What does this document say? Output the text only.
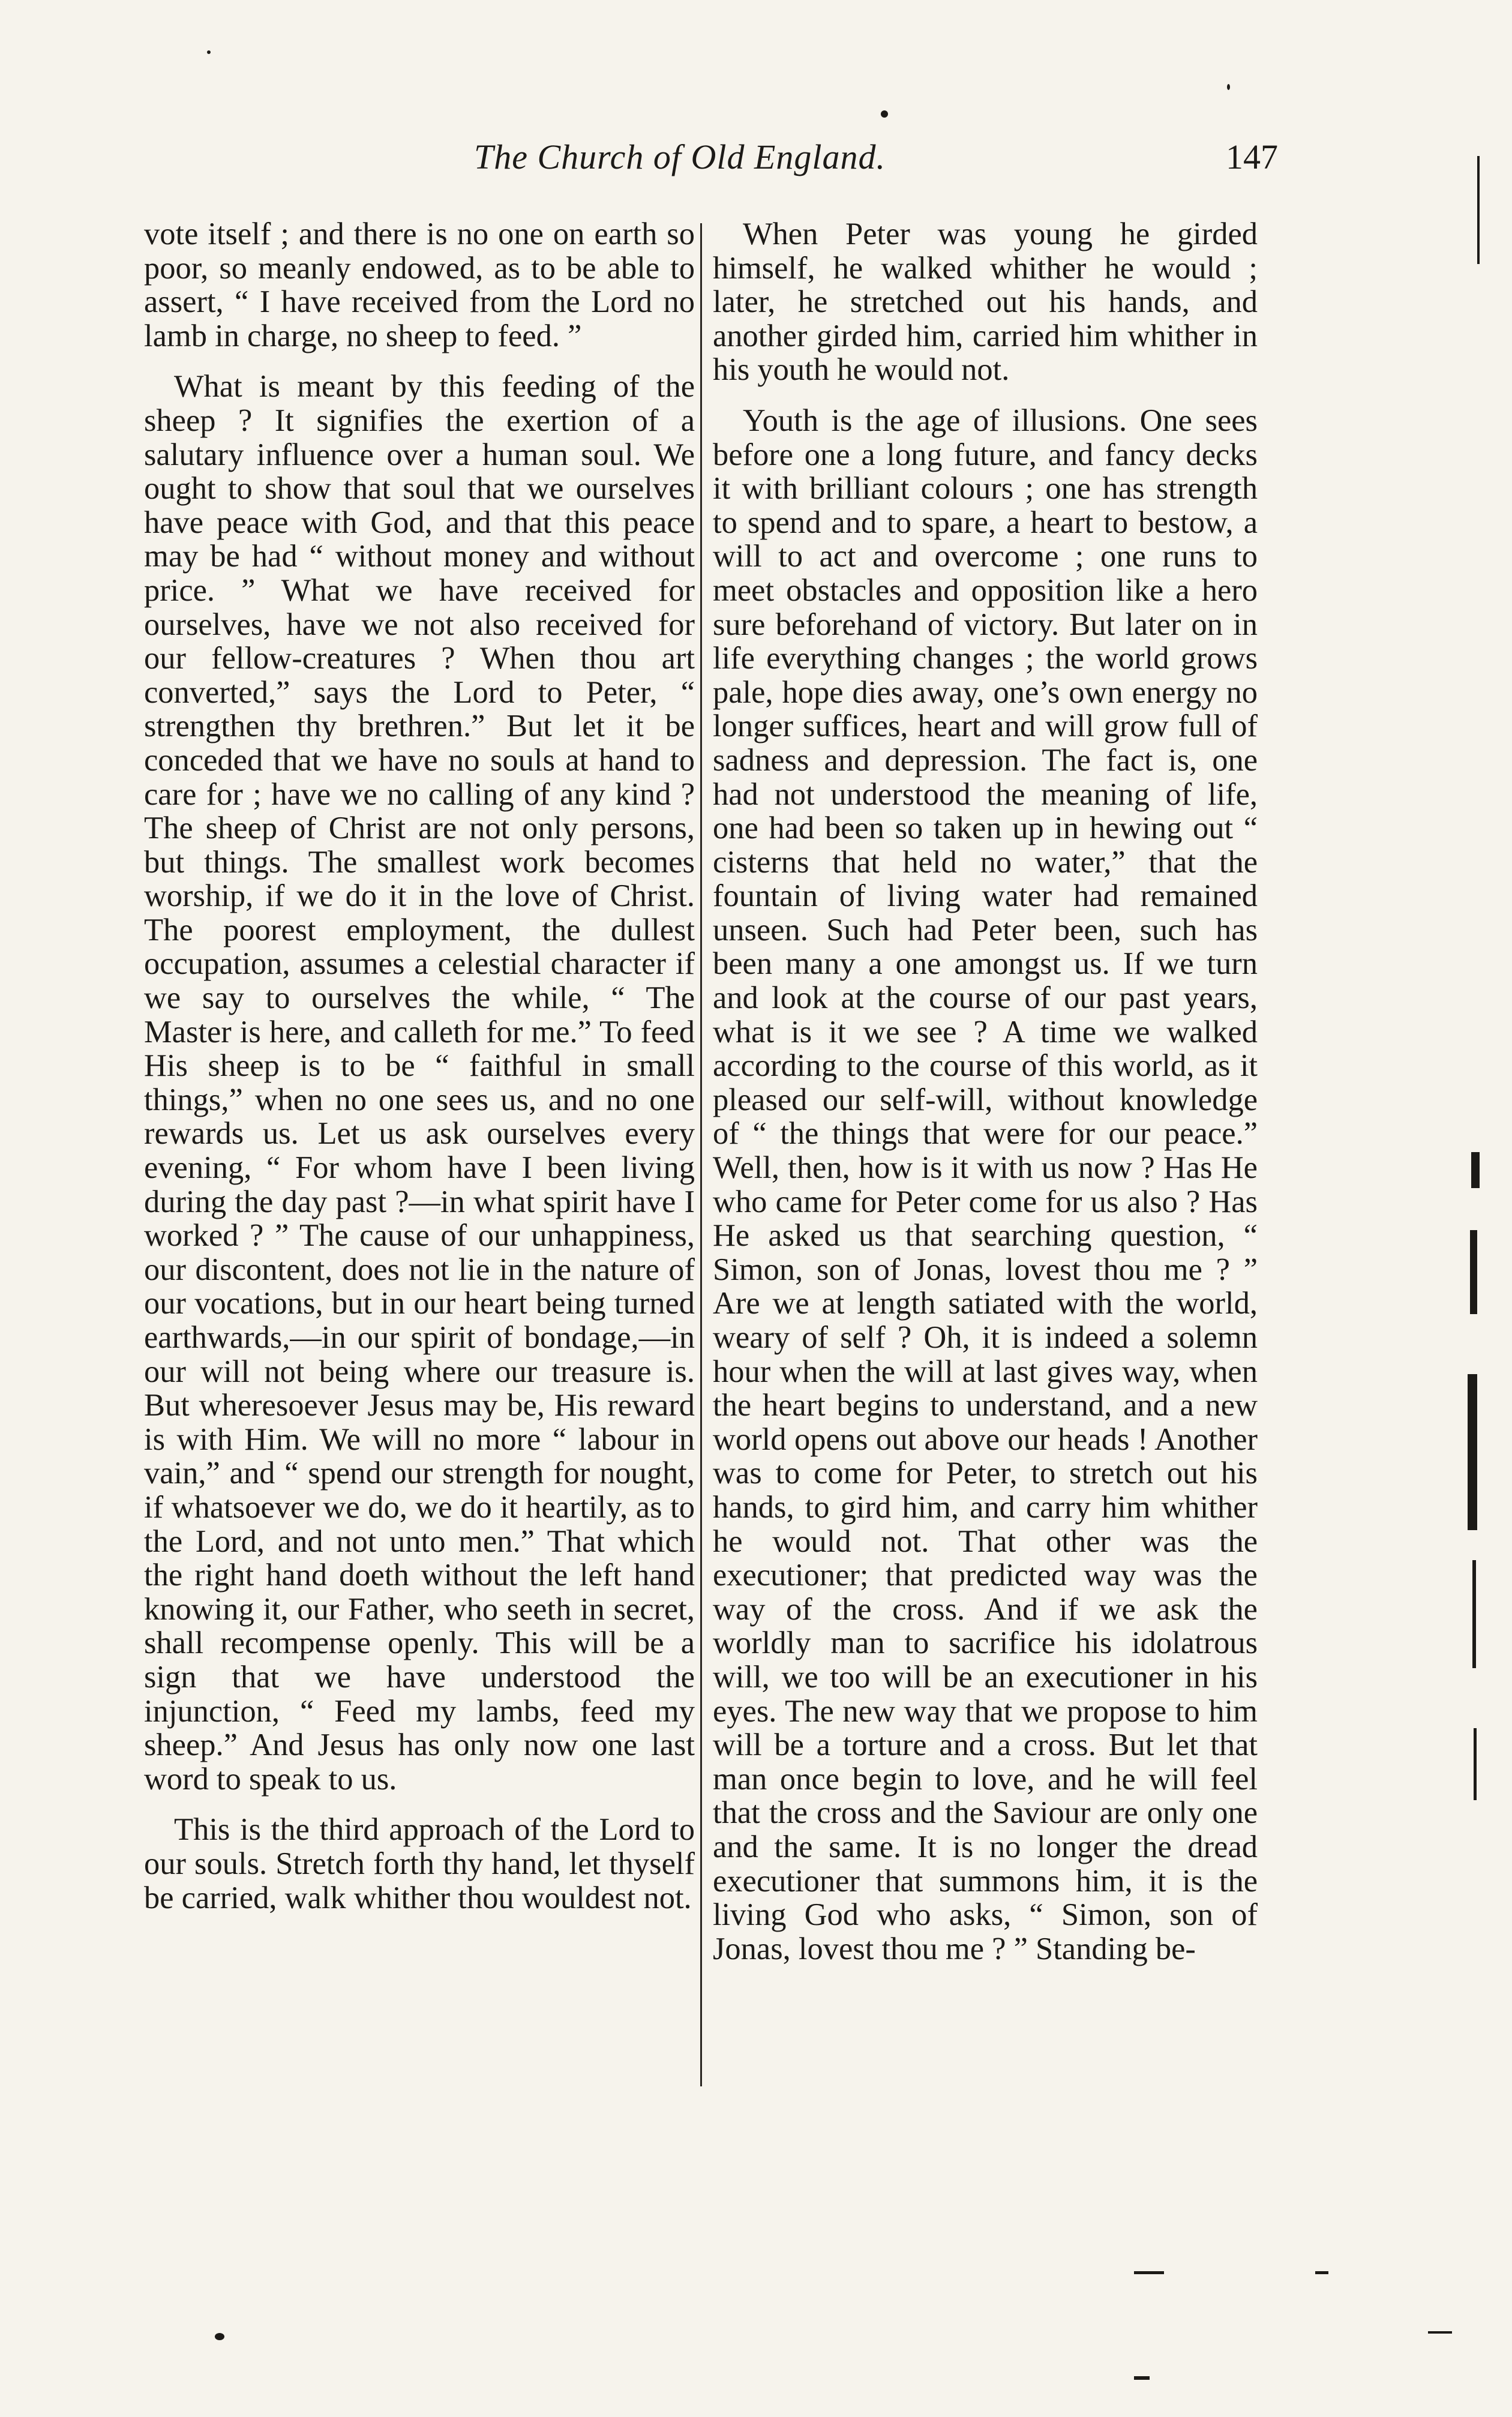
The Church of Old England.	147

vote itself ; and there is no one on earth so poor, so meanly endowed, as to be able to assert, “ I have received from the Lord no lamb in charge, no sheep to feed. ”

What is meant by this feeding of the sheep ? It signifies the exertion of a salutary influence over a human soul. We ought to show that soul that we ourselves have peace with God, and that this peace may be had “ without money and without price. ” What we have received for ourselves, have we not also received for our fellow-creatures ? When thou art converted,” says the Lord to Peter, “ strengthen thy brethren.” But let it be conceded that we have no souls at hand to care for ; have we no calling of any kind ? The sheep of Christ are not only persons, but things. The smallest work becomes worship, if we do it in the love of Christ. The poorest employment, the dullest occupation, assumes a celestial character if we say to ourselves the while, “ The Master is here, and calleth for me.” To feed His sheep is to be “ faithful in small things,” when no one sees us, and no one rewards us. Let us ask ourselves every evening, “ For whom have I been living during the day past ?—in what spirit have I worked ? ” The cause of our unhappiness, our discontent, does not lie in the nature of our vocations, but in our heart being turned earthwards,—in our spirit of bondage,—in our will not being where our treasure is. But wheresoever Jesus may be, His reward is with Him. We will no more “ labour in vain,” and “ spend our strength for nought, if whatsoever we do, we do it heartily, as to the Lord, and not unto men.” That which the right hand doeth without the left hand knowing it, our Father, who seeth in secret, shall recompense openly. This will be a sign that we have understood the injunction, “ Feed my lambs, feed my sheep.” And Jesus has only now one last word to speak to us.

This is the third approach of the Lord to our souls. Stretch forth thy hand, let thyself be carried, walk whither thou wouldest not.

When Peter was young he girded himself, he walked whither he would ; later, he stretched out his hands, and another girded him, carried him whither in his youth he would not.

Youth is the age of illusions. One sees before one a long future, and fancy decks it with brilliant colours ; one has strength to spend and to spare, a heart to bestow, a will to act and overcome ; one runs to meet obstacles and opposition like a hero sure beforehand of victory. But later on in life everything changes ; the world grows pale, hope dies away, one’s own energy no longer suffices, heart and will grow full of sadness and depression. The fact is, one had not understood the meaning of life, one had been so taken up in hewing out “ cisterns that held no water,” that the fountain of living water had remained unseen. Such had Peter been, such has been many a one amongst us. If we turn and look at the course of our past years, what is it we see ? A time we walked according to the course of this world, as it pleased our self-will, without knowledge of “ the things that were for our peace.” Well, then, how is it with us now ? Has He who came for Peter come for us also ? Has He asked us that searching question, “ Simon, son of Jonas, lovest thou me ? ” Are we at length satiated with the world, weary of self ? Oh, it is indeed a solemn hour when the will at last gives way, when the heart begins to understand, and a new world opens out above our heads ! Another was to come for Peter, to stretch out his hands, to gird him, and carry him whither he would not. That other was the executioner; that predicted way was the way of the cross. And if we ask the worldly man to sacrifice his idolatrous will, we too will be an executioner in his eyes. The new way that we propose to him will be a torture and a cross. But let that man once begin to love, and he will feel that the cross and the Saviour are only one and the same. It is no longer the dread executioner that summons him, it is the living God who asks, “ Simon, son of Jonas, lovest thou me ? ” Standing be-
